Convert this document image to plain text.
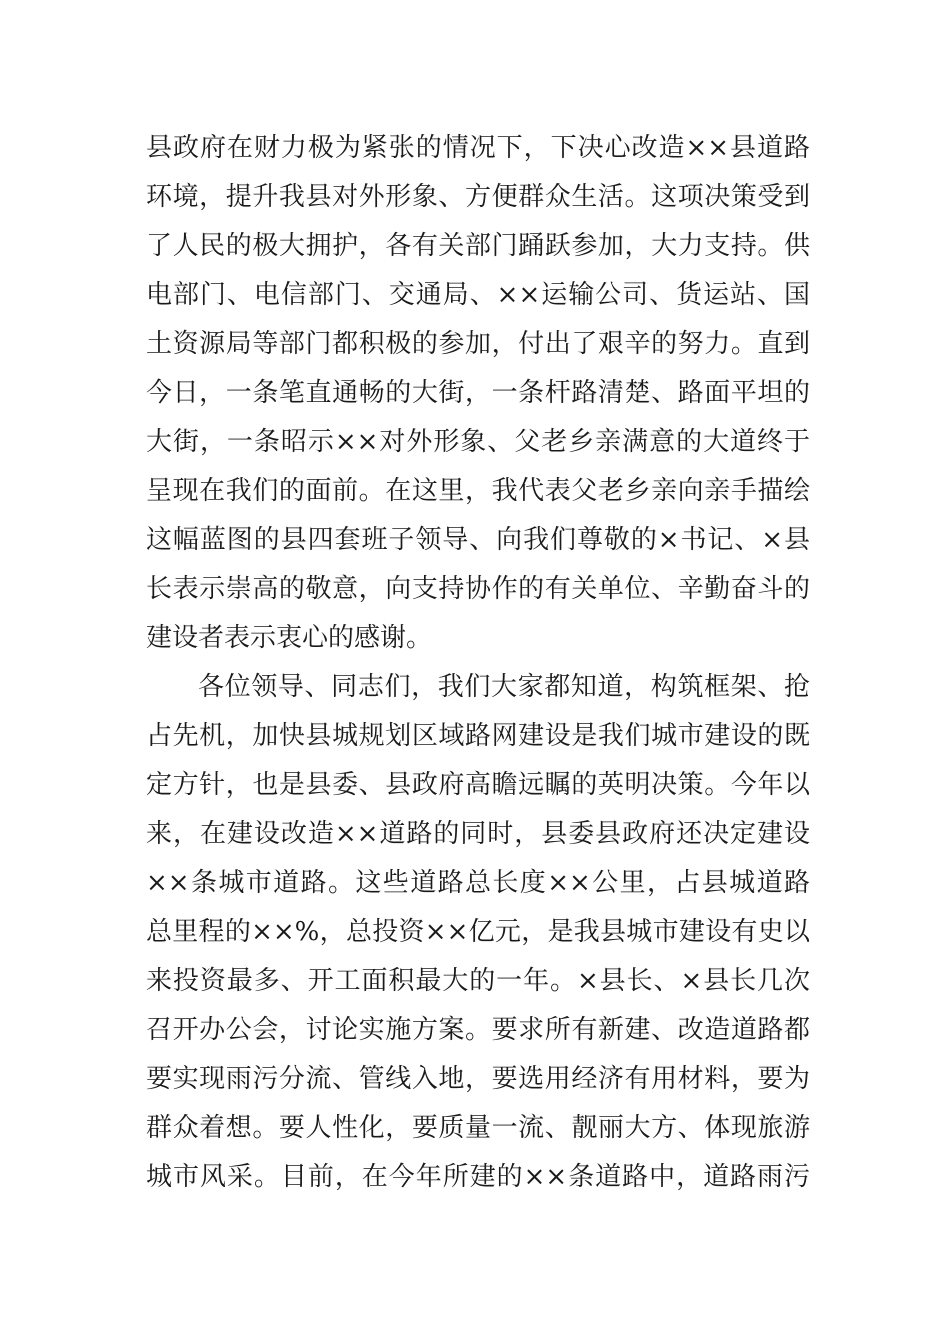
县政府在财力极为紧张的情况下，下决心改造××县道路
环境，提升我县对外形象、方便群众生活。这项决策受到
了人民的极大拥护，各有关部门踊跃参加，大力支持。供
电部门、电信部门、交通局、××运输公司、货运站、国
土资源局等部门都积极的参加，付出了艰辛的努力。直到
今日，一条笔直通畅的大街，一条杆路清楚、路面平坦的
大街，一条昭示××对外形象、父老乡亲满意的大道终于
呈现在我们的面前。在这里，我代表父老乡亲向亲手描绘
这幅蓝图的县四套班子领导、向我们尊敬的×书记、×县
长表示崇高的敬意，向支持协作的有关单位、辛勤奋斗的
建设者表示衷心的感谢。
各位领导、同志们，我们大家都知道，构筑框架、抢
占先机，加快县城规划区域路网建设是我们城市建设的既
定方针，也是县委、县政府高瞻远瞩的英明决策。今年以
来，在建设改造××道路的同时，县委县政府还决定建设
××条城市道路。这些道路总长度××公里，占县城道路
总里程的××%，总投资××亿元，是我县城市建设有史以
来投资最多、开工面积最大的一年。×县长、×县长几次
召开办公会，讨论实施方案。要求所有新建、改造道路都
要实现雨污分流、管线入地，要选用经济有用材料，要为
群众着想。要人性化，要质量一流、靓丽大方、体现旅游
城市风采。目前，在今年所建的××条道路中，道路雨污
